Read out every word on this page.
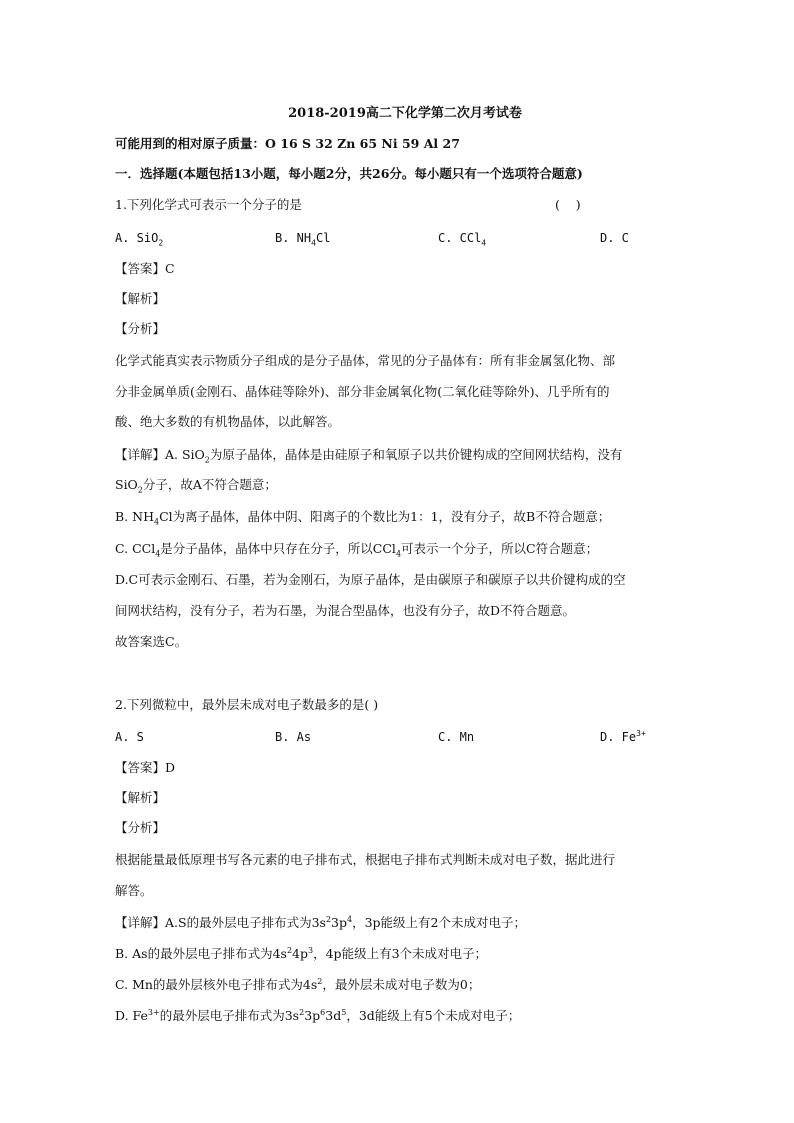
2018-2019高二下化学第二次月考试卷
可能用到的相对原子质量：O 16 S 32 Zn 65 Ni 59 Al 27
一．选择题(本题包括13小题，每小题2分，共26分。每小题只有一个选项符合题意)
1.下列化学式可表示一个分子的是	(    )
A. SiO$_2$	B. $NH_4Cl$	C. CCl$_4$	D. C
【答案】C
【解析】
【分析】
化学式能真实表示物质分子组成的是分子晶体，常见的分子晶体有：所有非金属氢化物、部
分非金属单质(金刚石、晶体硅等除外)、部分非金属氧化物(二氧化硅等除外)、几乎所有的
酸、绝大多数的有机物晶体，以此解答。
【详解】A. SiO$_2$为原子晶体，晶体是由硅原子和氧原子以共价键构成的空间网状结构，没有
SiO$_2$分子，故A不符合题意；
B. $NH_4Cl$为离子晶体，晶体中阴、阳离子的个数比为1：1，没有分子，故B不符合题意；
C. CCl$_4$是分子晶体，晶体中只存在分子，所以CCl$_4$可表示一个分子，所以C符合题意；
D.C可表示金刚石、石墨，若为金刚石，为原子晶体，是由碳原子和碳原子以共价键构成的空
间网状结构，没有分子，若为石墨，为混合型晶体，也没有分子，故D不符合题意。
故答案选C。
2.下列微粒中，最外层未成对电子数最多的是( )
A. S	B. As	C. Mn	D. $Fe^{3+}$
【答案】D
【解析】
【分析】
根据能量最低原理书写各元素的电子排布式，根据电子排布式判断未成对电子数，据此进行
解答。
【详解】A.S的最外层电子排布式为$3s^23p^4$，3p能级上有2个未成对电子；
B. As的最外层电子排布式为$4s^24p^3$，4p能级上有3个未成对电子；
C. Mn的最外层核外电子排布式为$4s^2$，最外层未成对电子数为0；
D. $Fe^{3+}$的最外层电子排布式为$3s^23p^63d^5$，3d能级上有5个未成对电子；
